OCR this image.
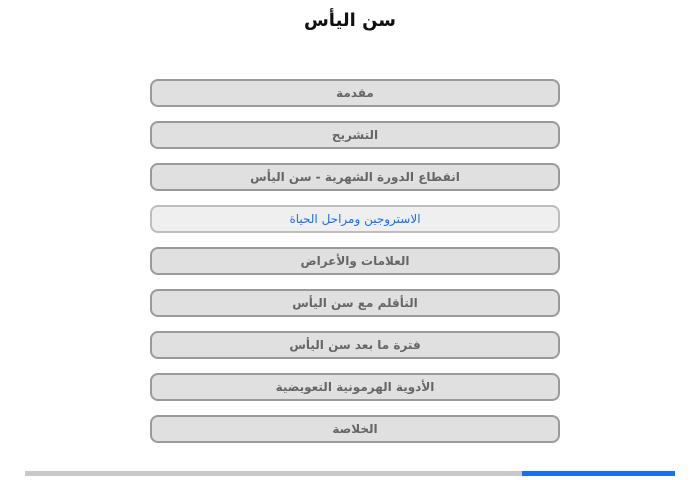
سن اليأس
مقدمة
التشريح
انقطاع الدورة الشهرية - سن اليأس
الاستروجين ومراحل الحياة
العلامات والأعراض
التأقلم مع سن اليأس
فترة ما بعد سن اليأس
الأدوية الهرمونية التعويضية
الخلاصة
